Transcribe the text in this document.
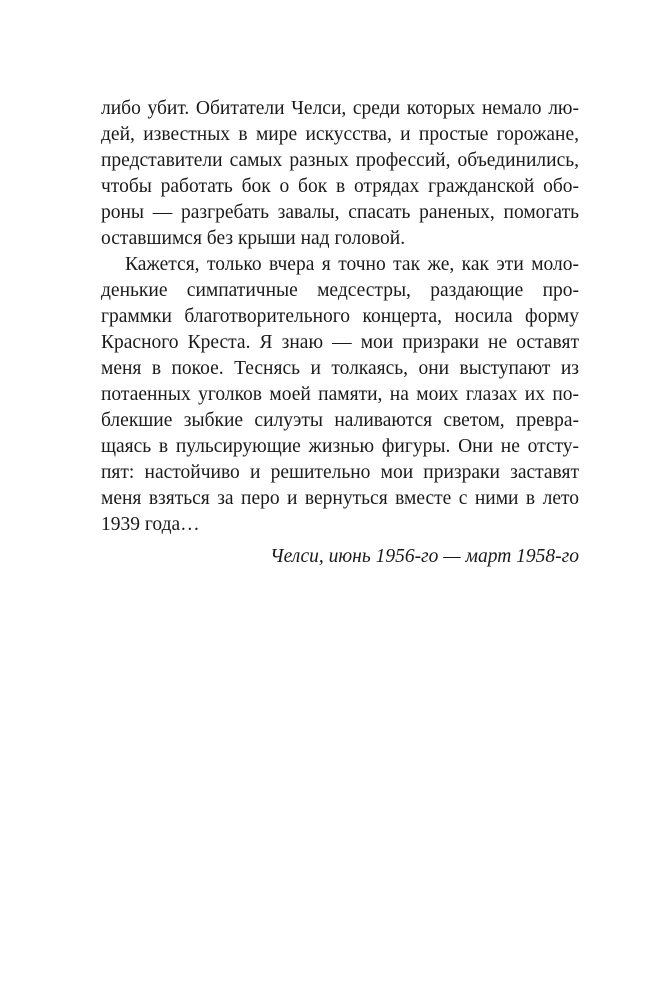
либо убит. Обитатели Челси, среди которых немало лю-
дей, известных в мире искусства, и простые горожане,
представители самых разных профессий, объединились,
чтобы работать бок о бок в отрядах гражданской обо-
роны — разгребать завалы, спасать раненых, помогать
оставшимся без крыши над головой.
Кажется, только вчера я точно так же, как эти моло-
денькие симпатичные медсестры, раздающие про-
граммки благотворительного концерта, носила форму
Красного Креста. Я знаю — мои призраки не оставят
меня в покое. Теснясь и толкаясь, они выступают из
потаенных уголков моей памяти, на моих глазах их по-
блекшие зыбкие силуэты наливаются светом, превра-
щаясь в пульсирующие жизнью фигуры. Они не отсту-
пят: настойчиво и решительно мои призраки заставят
меня взяться за перо и вернуться вместе с ними в лето
1939 года…
Челси, июнь 1956-го — март 1958-го
